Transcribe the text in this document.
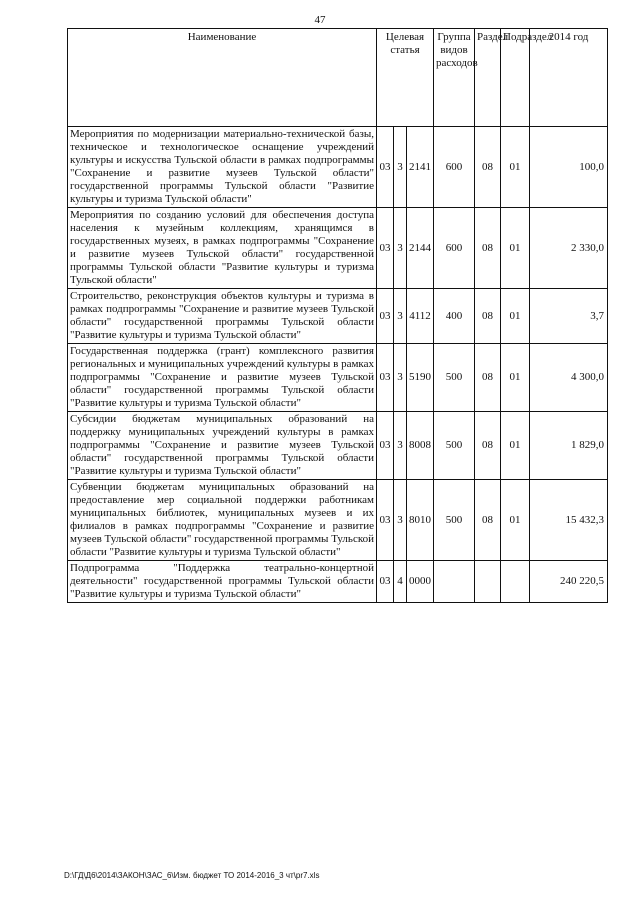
47
Наименование	Целевая статья			Группа видов расходов	Раздел	Подраздел	2014 год
Мероприятия по модернизации материально-технической базы, техническое и технологическое оснащение учреждений культуры и искусства Тульской области в рамках подпрограммы "Сохранение и развитие музеев Тульской области" государственной программы Тульской области "Развитие культуры и туризма Тульской области"	03	3	2141	600	08	01	100,0
Мероприятия по созданию условий для обеспечения доступа населения к музейным коллекциям, хранящимся в государственных музеях, в рамках подпрограммы "Сохранение и развитие музеев Тульской области" государственной программы Тульской области "Развитие культуры и туризма Тульской области"	03	3	2144	600	08	01	2 330,0
Строительство, реконструкция объектов культуры и туризма в рамках подпрограммы "Сохранение и развитие музеев Тульской области" государственной программы Тульской области "Развитие культуры и туризма Тульской области"	03	3	4112	400	08	01	3,7
Государственная поддержка (грант) комплексного развития региональных и муниципальных учреждений культуры в рамках подпрограммы "Сохранение и развитие музеев Тульской области" государственной программы Тульской области "Развитие культуры и туризма Тульской области"	03	3	5190	500	08	01	4 300,0
Субсидии бюджетам муниципальных образований на поддержку муниципальных учреждений культуры в рамках подпрограммы "Сохранение и развитие музеев Тульской области" государственной программы Тульской области "Развитие культуры и туризма Тульской области"	03	3	8008	500	08	01	1 829,0
Субвенции бюджетам муниципальных образований на предоставление мер социальной поддержки работникам муниципальных библиотек, муниципальных музеев и их филиалов в рамках подпрограммы "Сохранение и развитие музеев Тульской области" государственной программы Тульской области "Развитие культуры и туризма Тульской области"	03	3	8010	500	08	01	15 432,3
Подпрограмма "Поддержка театрально-концертной деятельности" государственной программы Тульской области "Развитие культуры и туризма Тульской области"	03	4	0000				240 220,5
D:\ГД\Д6\2014\ЗАКОН\ЗАС_6\Изм. бюджет ТО 2014-2016_3 чт\pr7.xls
